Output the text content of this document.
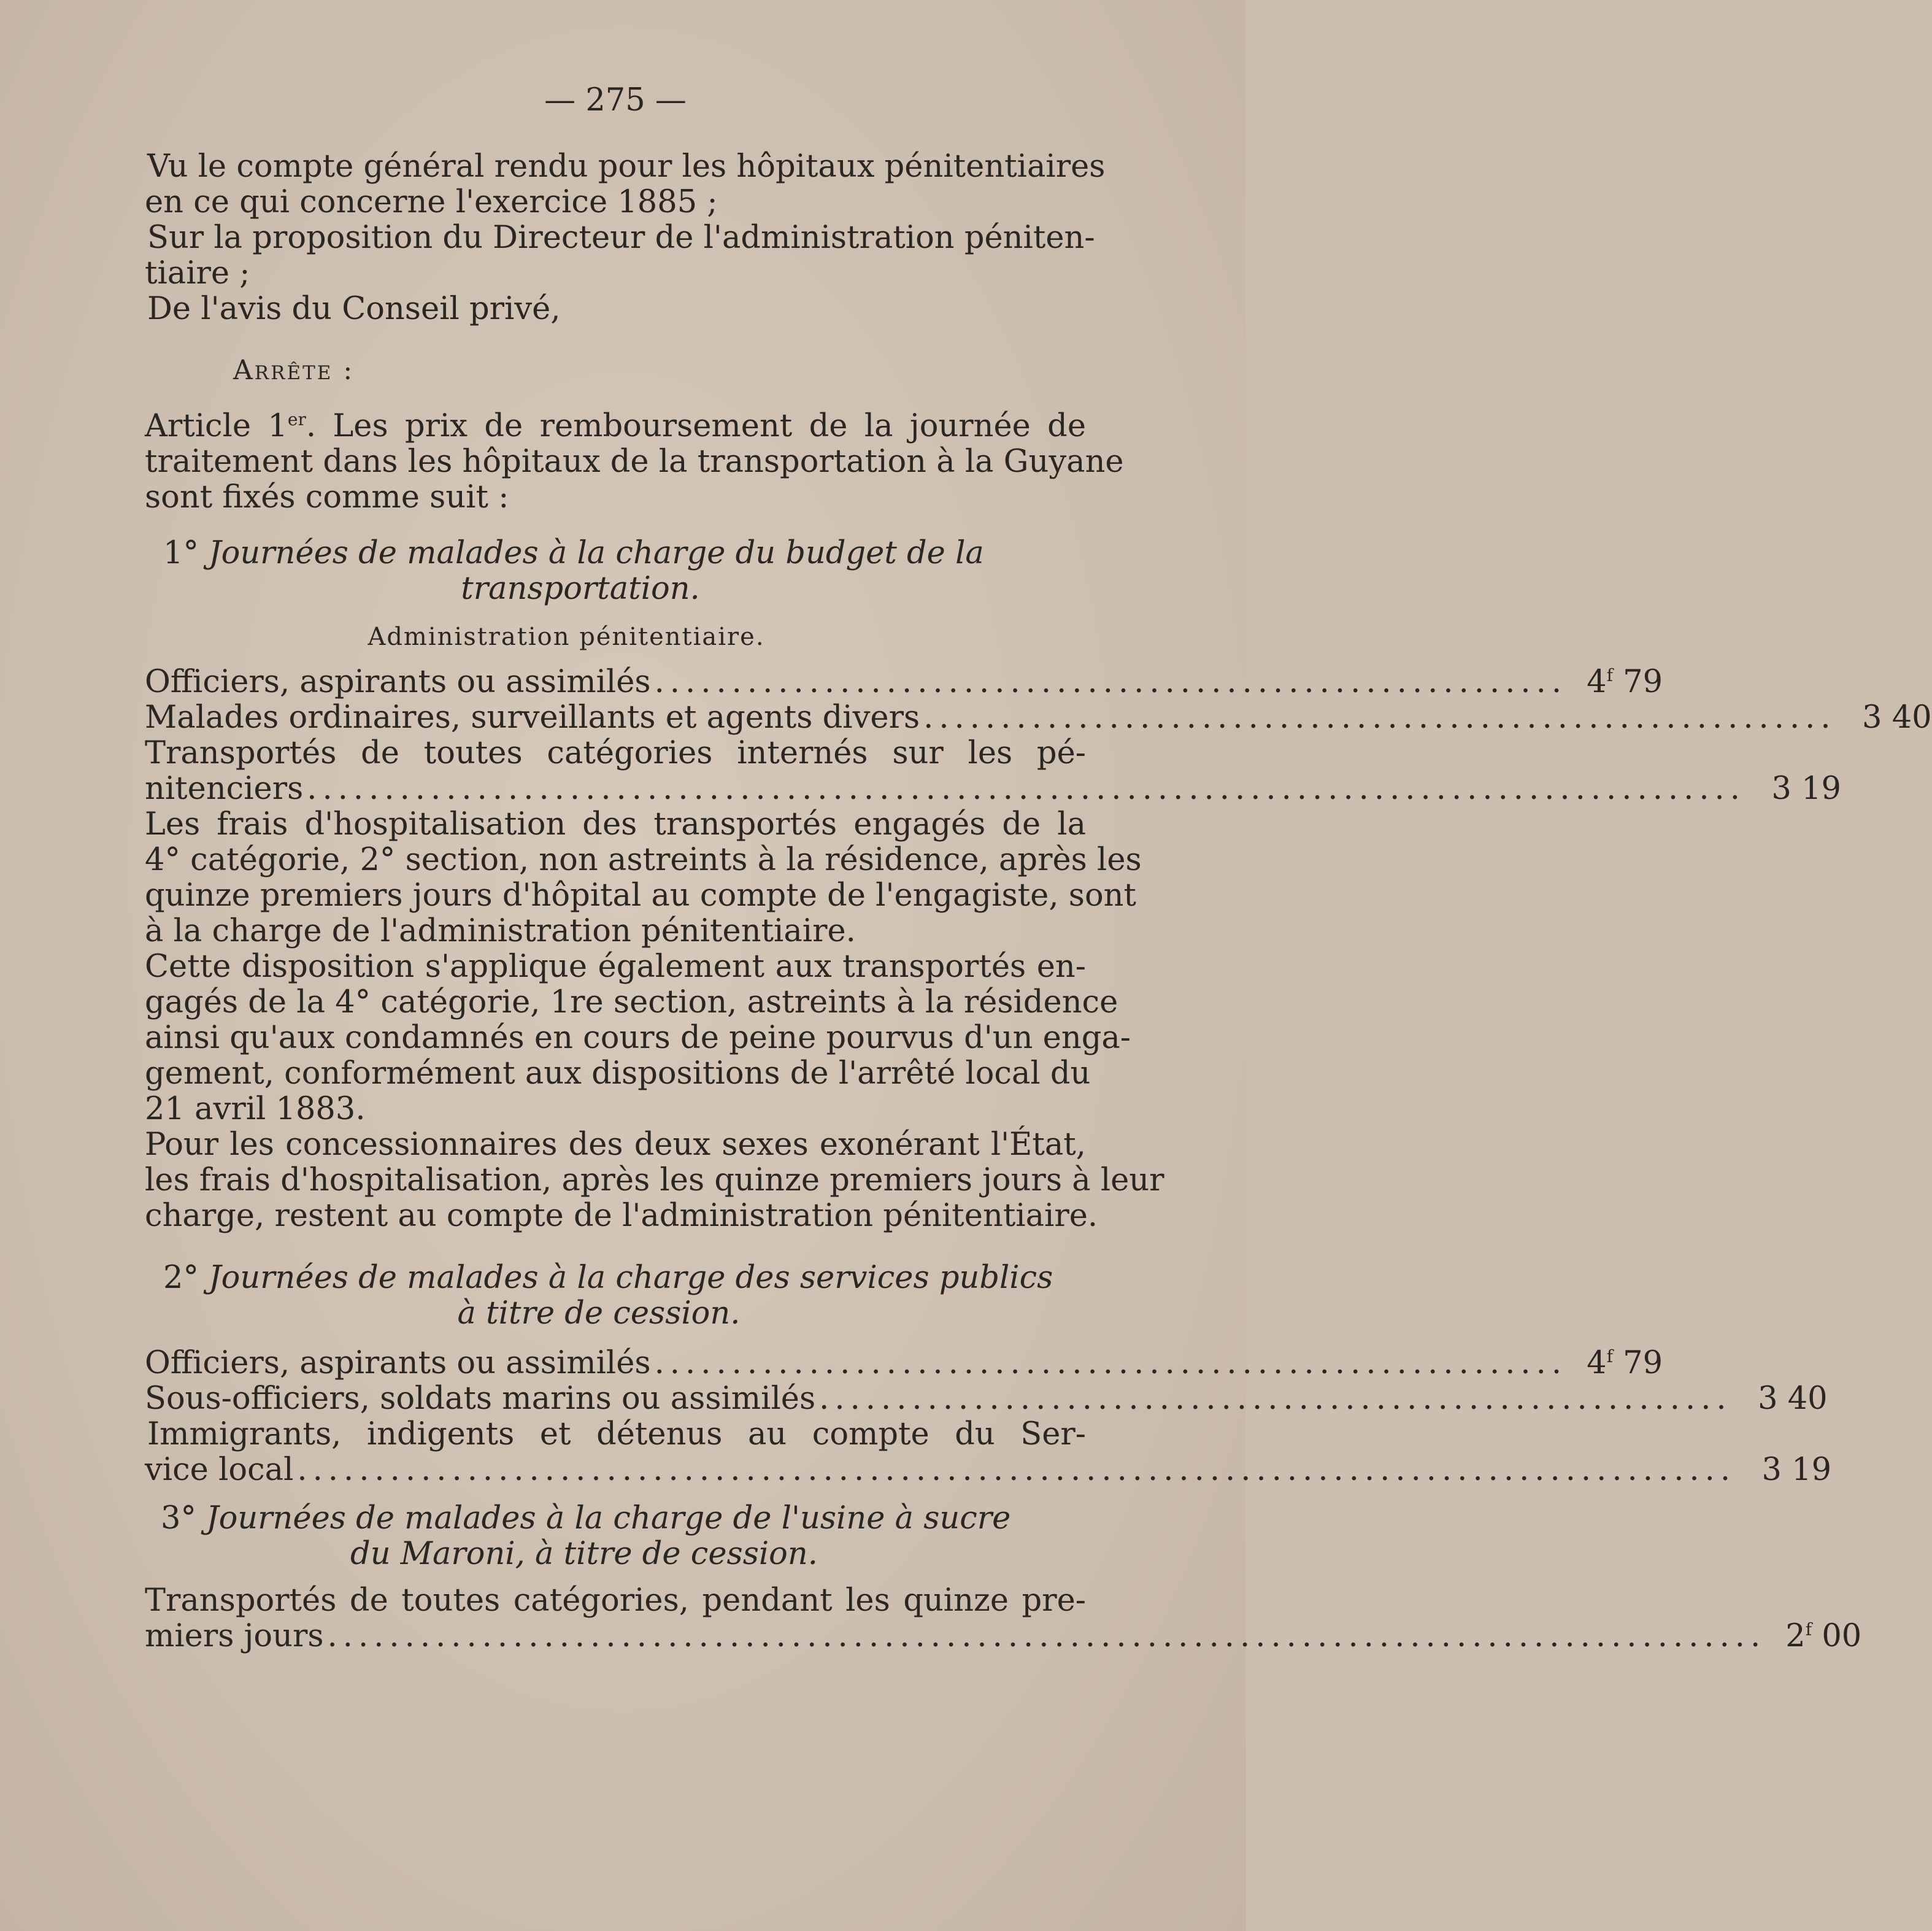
— 275 —
Vu le compte général rendu pour les hôpitaux pénitentiaires
en ce qui concerne l'exercice 1885 ;
Sur la proposition du Directeur de l'administration péniten-
tiaire ;
De l'avis du Conseil privé,
Arrête :
Article 1er. Les prix de remboursement de la journée de
traitement dans les hôpitaux de la transportation à la Guyane
sont fixés comme suit :
1° Journées de malades à la charge du budget de la
transportation.
Administration pénitentiaire.
Officiers, aspirants ou assimilés ........................................................... 4$^f$ 79
Malades ordinaires, surveillants et agents divers ........................................................... 3 40
Transportés de toutes catégories internés sur les pé-
nitenciers ............................................................................................. 3 19
Les frais d'hospitalisation des transportés engagés de la
4° catégorie, 2° section, non astreints à la résidence, après les
quinze premiers jours d'hôpital au compte de l'engagiste, sont
à la charge de l'administration pénitentiaire.
Cette disposition s'applique également aux transportés en-
gagés de la 4° catégorie, 1re section, astreints à la résidence
ainsi qu'aux condamnés en cours de peine pourvus d'un enga-
gement, conformément aux dispositions de l'arrêté local du
21 avril 1883.
Pour les concessionnaires des deux sexes exonérant l'État,
les frais d'hospitalisation, après les quinze premiers jours à leur
charge, restent au compte de l'administration pénitentiaire.
2° Journées de malades à la charge des services publics
à titre de cession.
Officiers, aspirants ou assimilés ........................................................... 4$^f$ 79
Sous-officiers, soldats marins ou assimilés ........................................................... 3 40
Immigrants, indigents et détenus au compte du Ser-
vice local ............................................................................................. 3 19
3° Journées de malades à la charge de l'usine à sucre
du Maroni, à titre de cession.
Transportés de toutes catégories, pendant les quinze pre-
miers jours ............................................................................................. 2$^f$ 00
